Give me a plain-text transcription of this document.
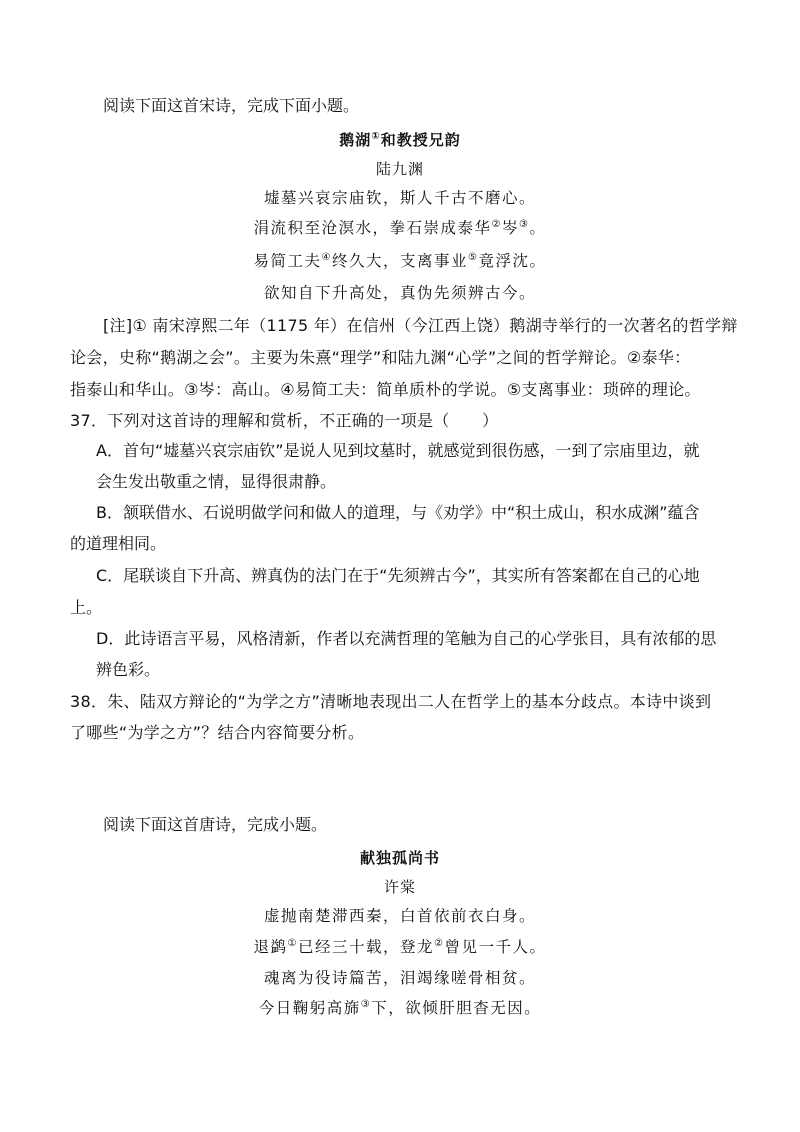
阅读下面这首宋诗，完成下面小题。
鹅湖①和教授兄韵
陆九渊
墟墓兴哀宗庙钦，斯人千古不磨心。
涓流积至沧溟水，拳石崇成泰华②岑③。
易简工夫④终久大，支离事业⑤竟浮沈。
欲知自下升高处，真伪先须辨古今。
[注]① 南宋淳熙二年（1175 年）在信州（今江西上饶）鹅湖寺举行的一次著名的哲学辩
论会，史称“鹅湖之会”。主要为朱熹“理学”和陆九渊“心学”之间的哲学辩论。②泰华：
指泰山和华山。③岑：高山。④易简工夫：简单质朴的学说。⑤支离事业：琐碎的理论。
37．下列对这首诗的理解和赏析，不正确的一项是（　　）
A．首句“墟墓兴哀宗庙钦”是说人见到坟墓时，就感觉到很伤感，一到了宗庙里边，就
会生发出敬重之情，显得很肃静。
B．颔联借水、石说明做学问和做人的道理，与《劝学》中“积土成山，积水成渊”蕴含
的道理相同。
C．尾联谈自下升高、辨真伪的法门在于“先须辨古今”，其实所有答案都在自己的心地
上。
D．此诗语言平易，风格清新，作者以充满哲理的笔触为自己的心学张目，具有浓郁的思
辨色彩。
38．朱、陆双方辩论的“为学之方”清晰地表现出二人在哲学上的基本分歧点。本诗中谈到
了哪些“为学之方”？结合内容简要分析。
阅读下面这首唐诗，完成小题。
献独孤尚书
许棠
虚抛南楚滞西秦，白首依前衣白身。
退鹢①已经三十载，登龙②曾见一千人。
魂离为役诗篇苦，泪竭缘嗟骨相贫。
今日鞠躬高旆③下，欲倾肝胆杳无因。
